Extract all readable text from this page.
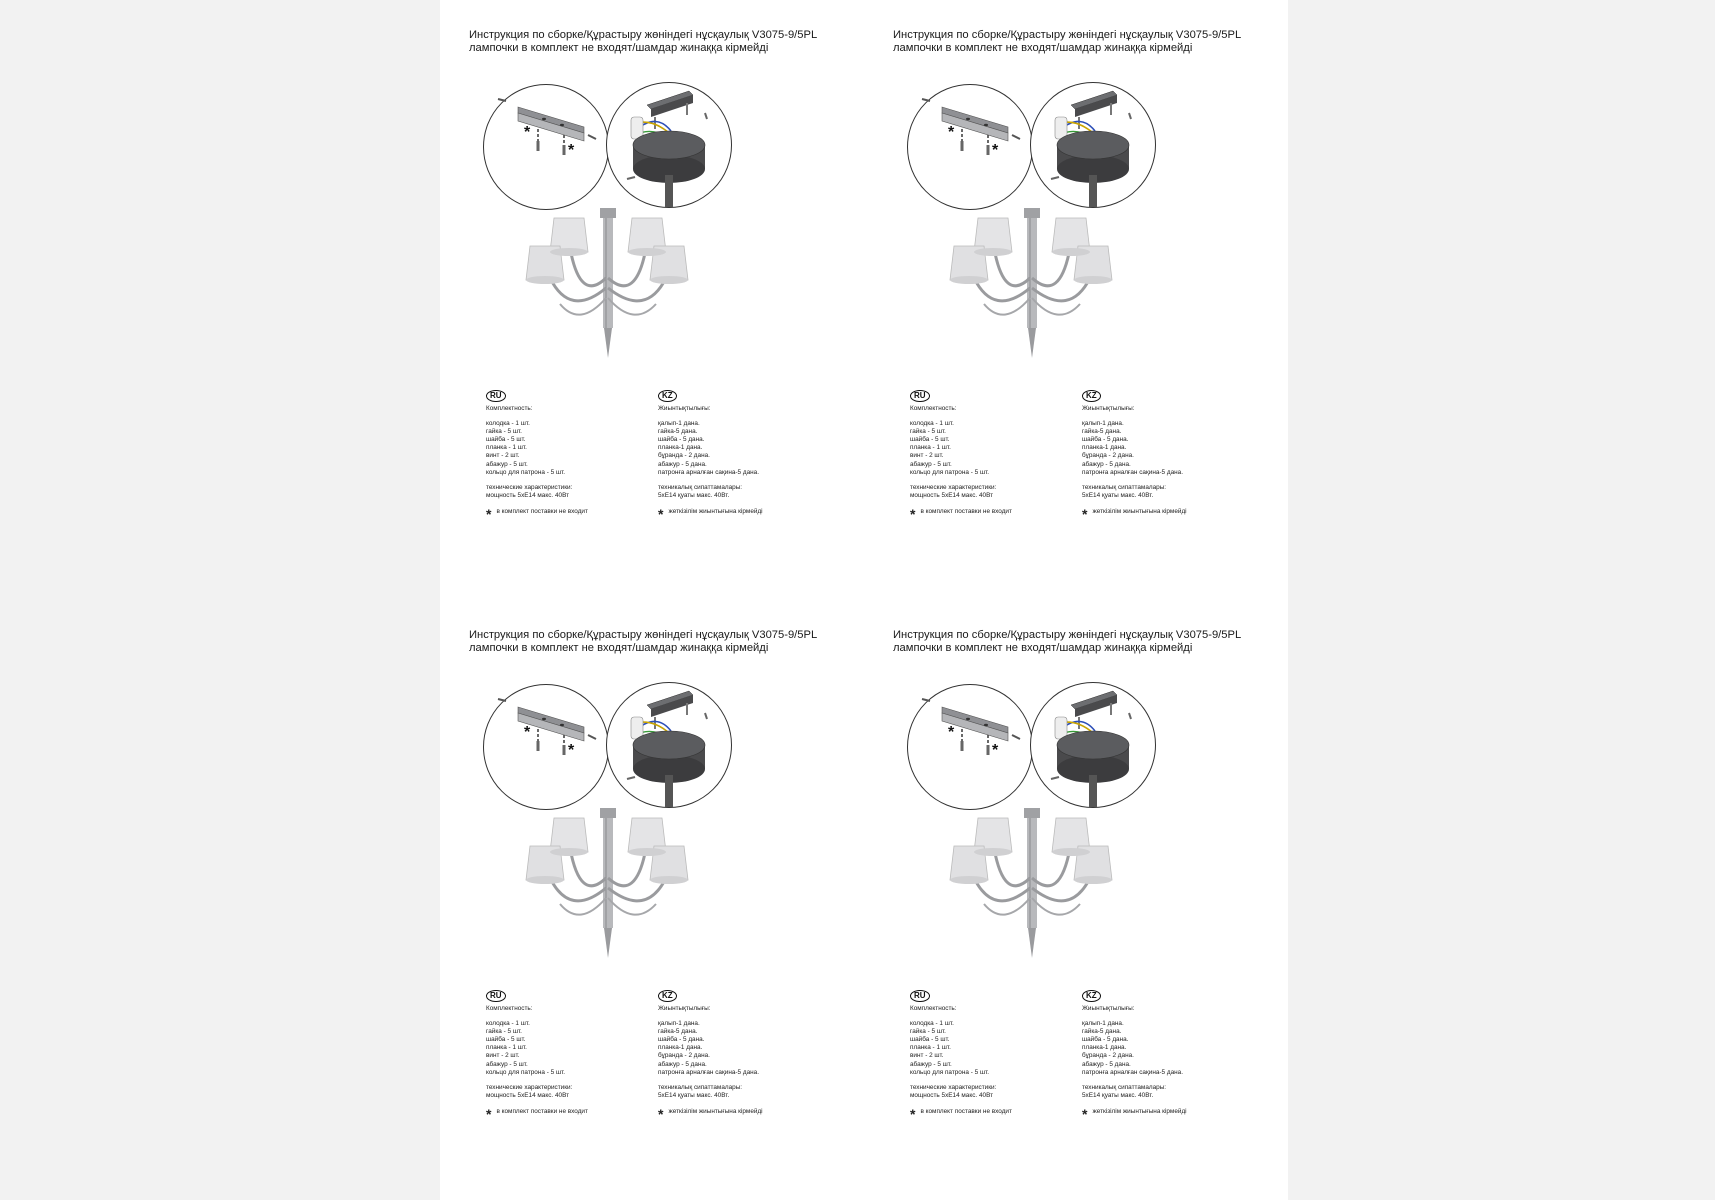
Инструкция по сборке/Құрастыру жөніндегі нұсқаулық V3075-9/5PL
лампочки в комплект не входят/шамдар жинаққа кірмейді
*
*
RU
Комплектность:
колодка - 1 шт.
гайка - 5 шт.
шайба - 5 шт.
планка - 1 шт.
винт - 2 шт.
абажур - 5 шт.
кольцо для патрона - 5 шт.
технические характеристики:
мощность 5хЕ14 макс. 40Вт
* в комплект поставки не входит
KZ
Жиынтықтылығы:
қалып-1 дана.
гайка-5 дана.
шайба - 5 дана.
планка-1 дана.
бұранда - 2 дана.
абажур - 5 дана.
патронға арналған сақина-5 дана.
техникалық сипаттамалары:
5хЕ14 қуаты макс. 40Вт.
* жеткізілім жиынтығына кірмейді
Инструкция по сборке/Құрастыру жөніндегі нұсқаулық V3075-9/5PL
лампочки в комплект не входят/шамдар жинаққа кірмейді
*
*
RU
Комплектность:
колодка - 1 шт.
гайка - 5 шт.
шайба - 5 шт.
планка - 1 шт.
винт - 2 шт.
абажур - 5 шт.
кольцо для патрона - 5 шт.
технические характеристики:
мощность 5хЕ14 макс. 40Вт
* в комплект поставки не входит
KZ
Жиынтықтылығы:
қалып-1 дана.
гайка-5 дана.
шайба - 5 дана.
планка-1 дана.
бұранда - 2 дана.
абажур - 5 дана.
патронға арналған сақина-5 дана.
техникалық сипаттамалары:
5хЕ14 қуаты макс. 40Вт.
* жеткізілім жиынтығына кірмейді
Инструкция по сборке/Құрастыру жөніндегі нұсқаулық V3075-9/5PL
лампочки в комплект не входят/шамдар жинаққа кірмейді
*
*
RU
Комплектность:
колодка - 1 шт.
гайка - 5 шт.
шайба - 5 шт.
планка - 1 шт.
винт - 2 шт.
абажур - 5 шт.
кольцо для патрона - 5 шт.
технические характеристики:
мощность 5хЕ14 макс. 40Вт
* в комплект поставки не входит
KZ
Жиынтықтылығы:
қалып-1 дана.
гайка-5 дана.
шайба - 5 дана.
планка-1 дана.
бұранда - 2 дана.
абажур - 5 дана.
патронға арналған сақина-5 дана.
техникалық сипаттамалары:
5хЕ14 қуаты макс. 40Вт.
* жеткізілім жиынтығына кірмейді
Инструкция по сборке/Құрастыру жөніндегі нұсқаулық V3075-9/5PL
лампочки в комплект не входят/шамдар жинаққа кірмейді
*
*
RU
Комплектность:
колодка - 1 шт.
гайка - 5 шт.
шайба - 5 шт.
планка - 1 шт.
винт - 2 шт.
абажур - 5 шт.
кольцо для патрона - 5 шт.
технические характеристики:
мощность 5хЕ14 макс. 40Вт
* в комплект поставки не входит
KZ
Жиынтықтылығы:
қалып-1 дана.
гайка-5 дана.
шайба - 5 дана.
планка-1 дана.
бұранда - 2 дана.
абажур - 5 дана.
патронға арналған сақина-5 дана.
техникалық сипаттамалары:
5хЕ14 қуаты макс. 40Вт.
* жеткізілім жиынтығына кірмейді
